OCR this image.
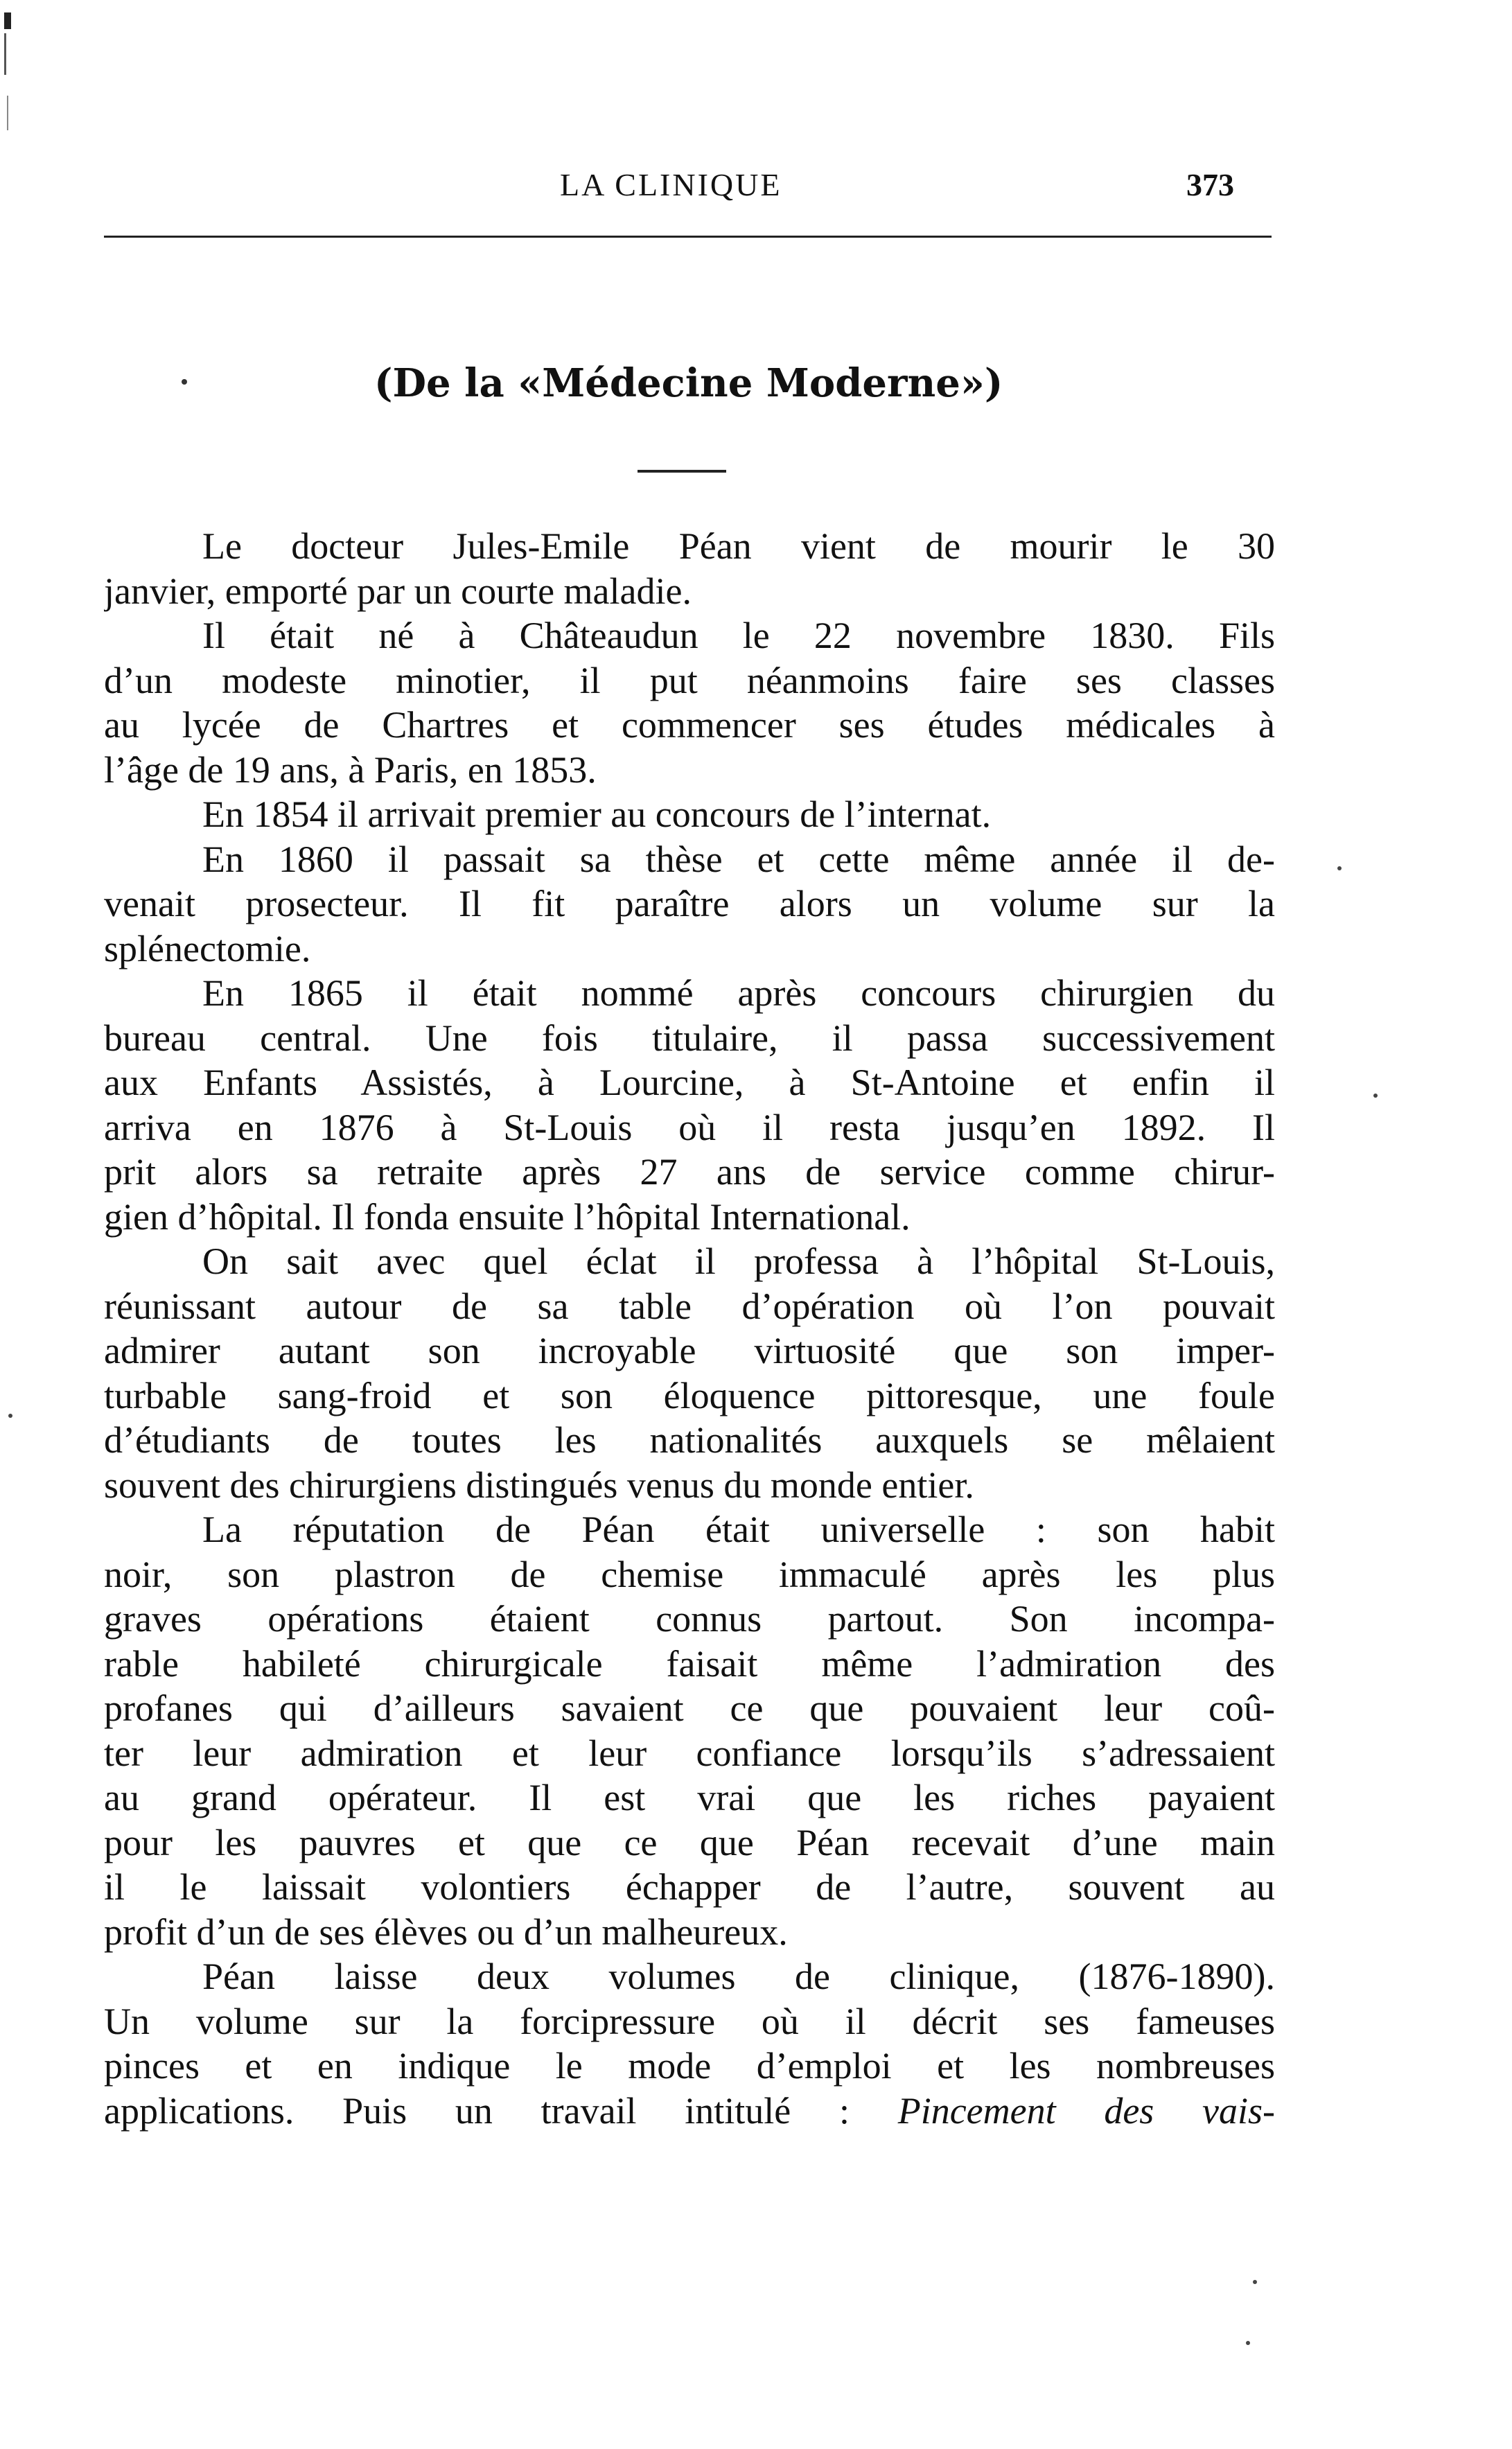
LA CLINIQUE	373
(De la «Médecine Moderne»)
Le docteur Jules-Emile Péan vient de mourir le 30
janvier, emporté par un courte maladie.
Il était né à Châteaudun le 22 novembre 1830. Fils
d’un modeste minotier, il put néanmoins faire ses classes
au lycée de Chartres et commencer ses études médicales à
l’âge de 19 ans, à Paris, en 1853.
En 1854 il arrivait premier au concours de l’internat.
En 1860 il passait sa thèse et cette même année il de-
venait prosecteur. Il fit paraître alors un volume sur la
splénectomie.
En 1865 il était nommé après concours chirurgien du
bureau central. Une fois titulaire, il passa successivement
aux Enfants Assistés, à Lourcine, à St-Antoine et enfin il
arriva en 1876 à St-Louis où il resta jusqu’en 1892. Il
prit alors sa retraite après 27 ans de service comme chirur-
gien d’hôpital. Il fonda ensuite l’hôpital International.
On sait avec quel éclat il professa à l’hôpital St-Louis,
réunissant autour de sa table d’opération où l’on pouvait
admirer autant son incroyable virtuosité que son imper-
turbable sang-froid et son éloquence pittoresque, une foule
d’étudiants de toutes les nationalités auxquels se mêlaient
souvent des chirurgiens distingués venus du monde entier.
La réputation de Péan était universelle : son habit
noir, son plastron de chemise immaculé après les plus
graves opérations étaient connus partout. Son incompa-
rable habileté chirurgicale faisait même l’admiration des
profanes qui d’ailleurs savaient ce que pouvaient leur coû-
ter leur admiration et leur confiance lorsqu’ils s’adressaient
au grand opérateur. Il est vrai que les riches payaient
pour les pauvres et que ce que Péan recevait d’une main
il le laissait volontiers échapper de l’autre, souvent au
profit d’un de ses élèves ou d’un malheureux.
Péan laisse deux volumes de clinique, (1876-1890).
Un volume sur la forcipressure où il décrit ses fameuses
pinces et en indique le mode d’emploi et les nombreuses
applications. Puis un travail intitulé : Pincement des vais-
